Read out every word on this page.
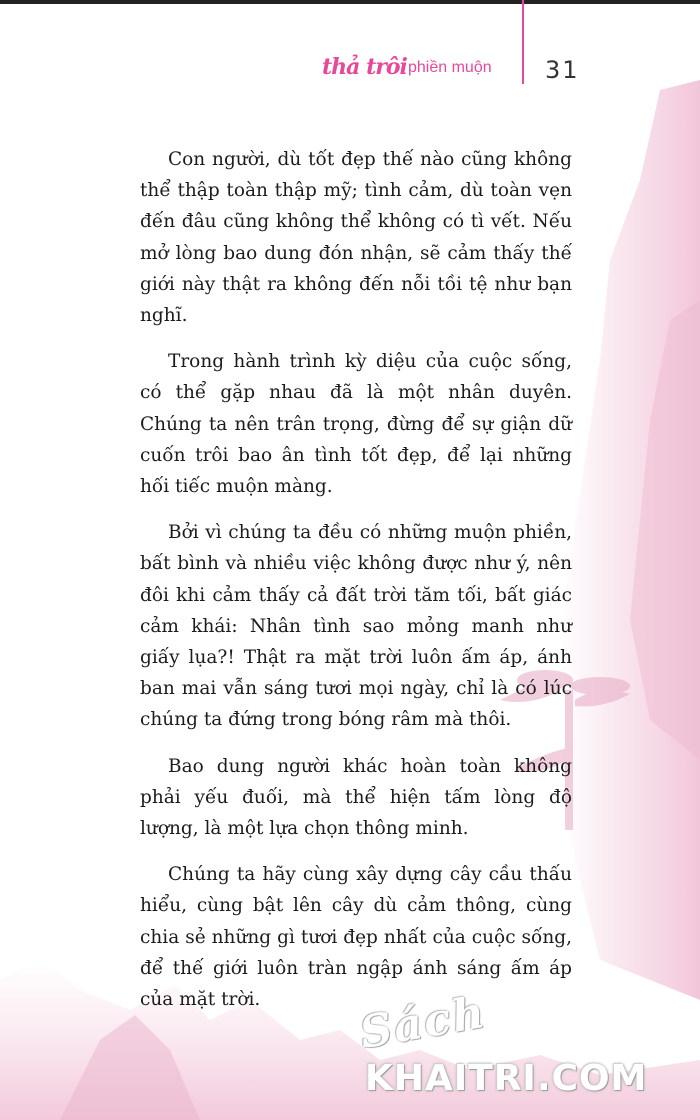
thả trôi phiền muộn 31

Con người, dù tốt đẹp thế nào cũng không thể thập toàn thập mỹ; tình cảm, dù toàn vẹn đến đâu cũng không thể không có tì vết. Nếu mở lòng bao dung đón nhận, sẽ cảm thấy thế giới này thật ra không đến nỗi tồi tệ như bạn nghĩ.

Trong hành trình kỳ diệu của cuộc sống, có thể gặp nhau đã là một nhân duyên. Chúng ta nên trân trọng, đừng để sự giận dữ cuốn trôi bao ân tình tốt đẹp, để lại những hối tiếc muộn màng.

Bởi vì chúng ta đều có những muộn phiền, bất bình và nhiều việc không được như ý, nên đôi khi cảm thấy cả đất trời tăm tối, bất giác cảm khái: Nhân tình sao mỏng manh như giấy lụa?! Thật ra mặt trời luôn ấm áp, ánh ban mai vẫn sáng tươi mọi ngày, chỉ là có lúc chúng ta đứng trong bóng râm mà thôi.

Bao dung người khác hoàn toàn không phải yếu đuối, mà thể hiện tấm lòng độ lượng, là một lựa chọn thông minh.

Chúng ta hãy cùng xây dựng cây cầu thấu hiểu, cùng bật lên cây dù cảm thông, cùng chia sẻ những gì tươi đẹp nhất của cuộc sống, để thế giới luôn tràn ngập ánh sáng ấm áp của mặt trời.	Sách
KHAITRI.COM
